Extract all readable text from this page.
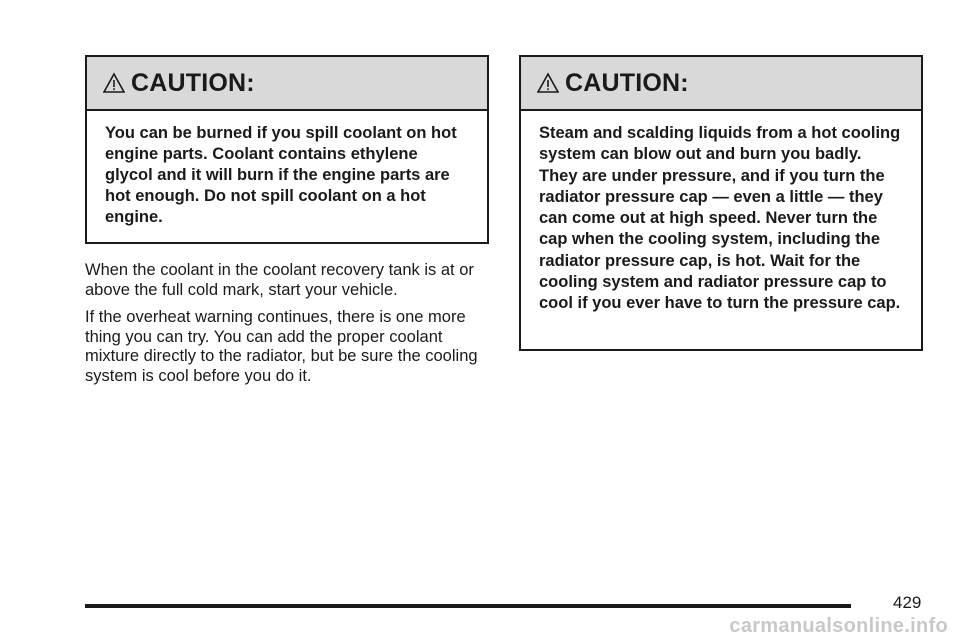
CAUTION:

You can be burned if you spill coolant on hot engine parts. Coolant contains ethylene glycol and it will burn if the engine parts are hot enough. Do not spill coolant on a hot engine.

When the coolant in the coolant recovery tank is at or above the full cold mark, start your vehicle.

If the overheat warning continues, there is one more thing you can try. You can add the proper coolant mixture directly to the radiator, but be sure the cooling system is cool before you do it.

CAUTION:

Steam and scalding liquids from a hot cooling system can blow out and burn you badly. They are under pressure, and if you turn the radiator pressure cap — even a little — they can come out at high speed. Never turn the cap when the cooling system, including the radiator pressure cap, is hot. Wait for the cooling system and radiator pressure cap to cool if you ever have to turn the pressure cap.

429
carmanualsonline.info
